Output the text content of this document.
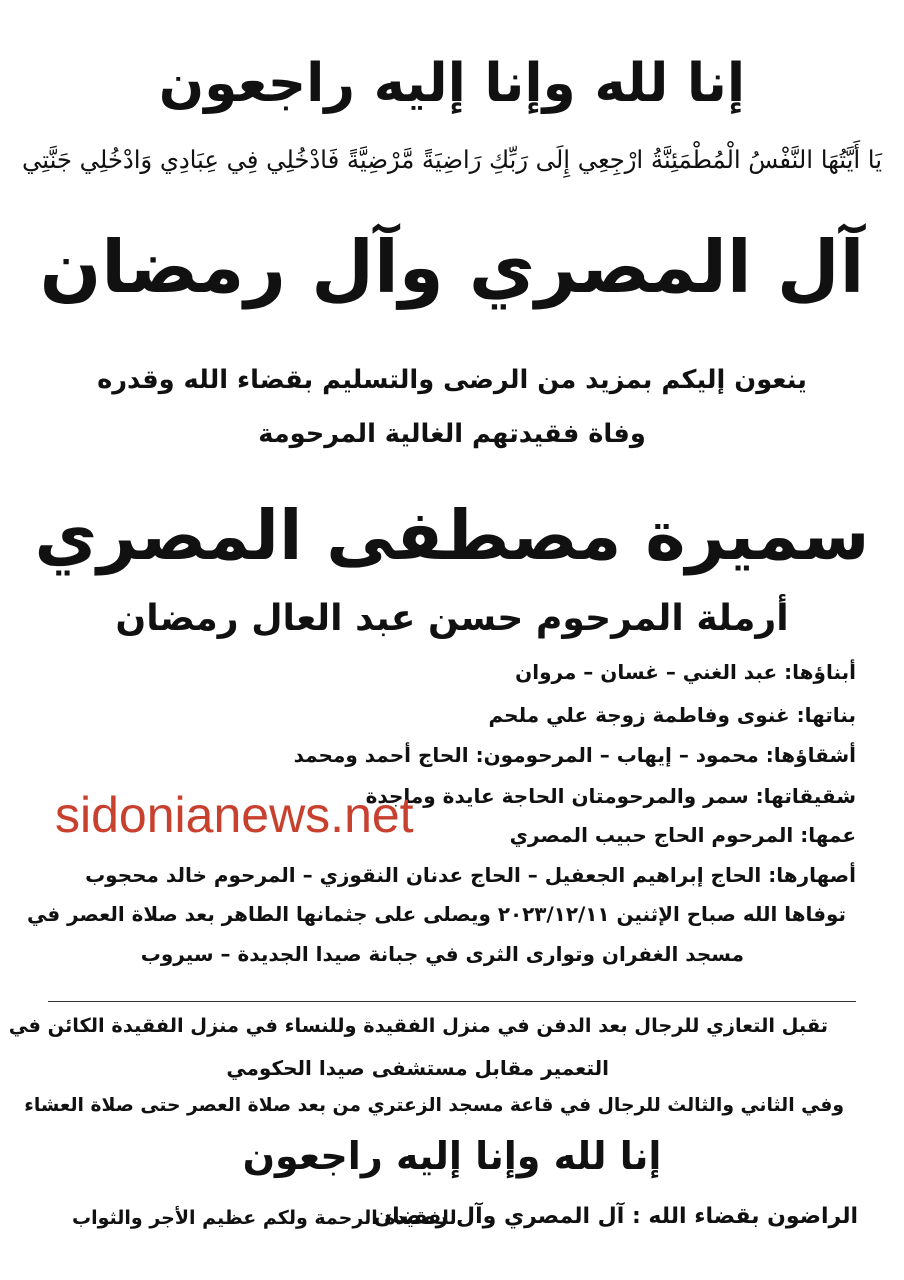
إنا لله وإنا إليه راجعون
يَا أَيَّتُهَا النَّفْسُ الْمُطْمَئِنَّةُ ارْجِعِي إِلَى رَبِّكِ رَاضِيَةً مَّرْضِيَّةً فَادْخُلِي فِي عِبَادِي وَادْخُلِي جَنَّتِي
آل المصري وآل رمضان
ينعون إليكم بمزيد من الرضى والتسليم بقضاء الله وقدره
وفاة فقيدتهم الغالية المرحومة
سميرة مصطفى المصري
أرملة المرحوم حسن عبد العال رمضان
أبناؤها: عبد الغني – غسان – مروان
بناتها: غنوى وفاطمة زوجة علي ملحم
أشقاؤها: محمود – إيهاب – المرحومون: الحاج أحمد ومحمد
شقيقاتها: سمر والمرحومتان الحاجة عايدة وماجدة
عمها: المرحوم الحاج حبيب المصري
أصهارها: الحاج إبراهيم الجعفيل – الحاج عدنان النقوزي – المرحوم خالد محجوب
توفاها الله صباح الإثنين ٢٠٢٣/١٢/١١ ويصلى على جثمانها الطاهر بعد صلاة العصر في
مسجد الغفران وتوارى الثرى في جبانة صيدا الجديدة – سيروب
sidonianews.net
تقبل التعازي للرجال بعد الدفن في منزل الفقيدة وللنساء في منزل الفقيدة الكائن في
التعمير مقابل مستشفى صيدا الحكومي
وفي الثاني والثالث للرجال في قاعة مسجد الزعتري من بعد صلاة العصر حتى صلاة العشاء
إنا لله وإنا إليه راجعون
الراضون بقضاء الله : آل المصري وآل رمضان
للفقيدة الرحمة ولكم عظيم الأجر والثواب
